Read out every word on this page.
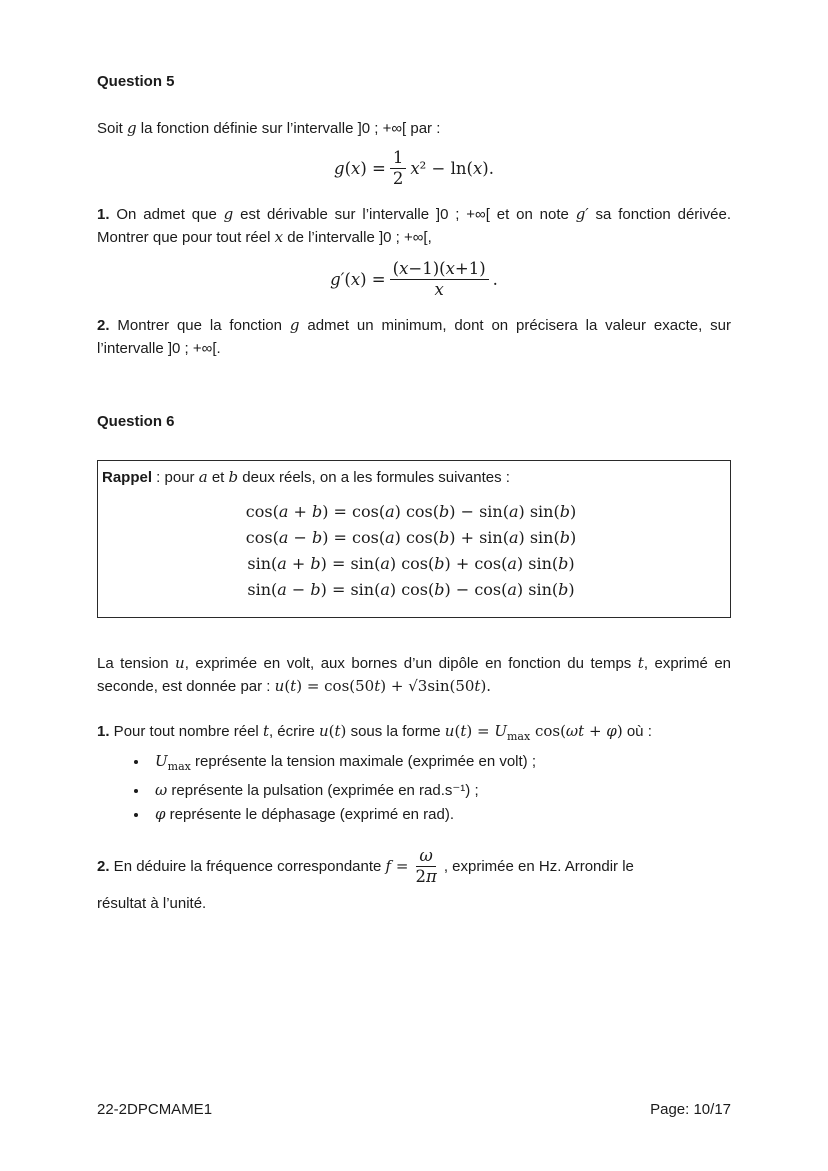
Question 5

Soit g la fonction définie sur l’intervalle ]0 ; +∞[ par :

$g(x) = \frac{1}{2} x^2 - \ln(x)$.

1. On admet que g est dérivable sur l’intervalle ]0 ; +∞[ et on note g′ sa fonction dérivée. Montrer que pour tout réel x de l’intervalle ]0 ; +∞[,

$g'(x) = \frac{(x-1)(x+1)}{x}$ .

2. Montrer que la fonction g admet un minimum, dont on précisera la valeur exacte, sur l’intervalle ]0 ; +∞[.

Question 6

Rappel : pour a et b deux réels, on a les formules suivantes :

cos(a + b) = cos(a) cos(b) − sin(a) sin(b)
cos(a − b) = cos(a) cos(b) + sin(a) sin(b)
sin(a + b) = sin(a) cos(b) + cos(a) sin(b)
sin(a − b) = sin(a) cos(b) − cos(a) sin(b)

La tension u, exprimée en volt, aux bornes d’un dipôle en fonction du temps t, exprimé en seconde, est donnée par : u(t) = cos(50t) + √3sin(50t).

1. Pour tout nombre réel t, écrire u(t) sous la forme $u(t) = U_{max}$ cos(ωt + φ) où :

• $U_{max}$ représente la tension maximale (exprimée en volt) ;
• ω représente la pulsation (exprimée en rad.s⁻¹) ;
• φ représente le déphasage (exprimé en rad).
2. En déduire la fréquence correspondante $f = \frac{\omega}{2\pi}$ , exprimée en Hz. Arrondir le

résultat à l’unité.

22-2DPCMAME1	Page: 10/17
